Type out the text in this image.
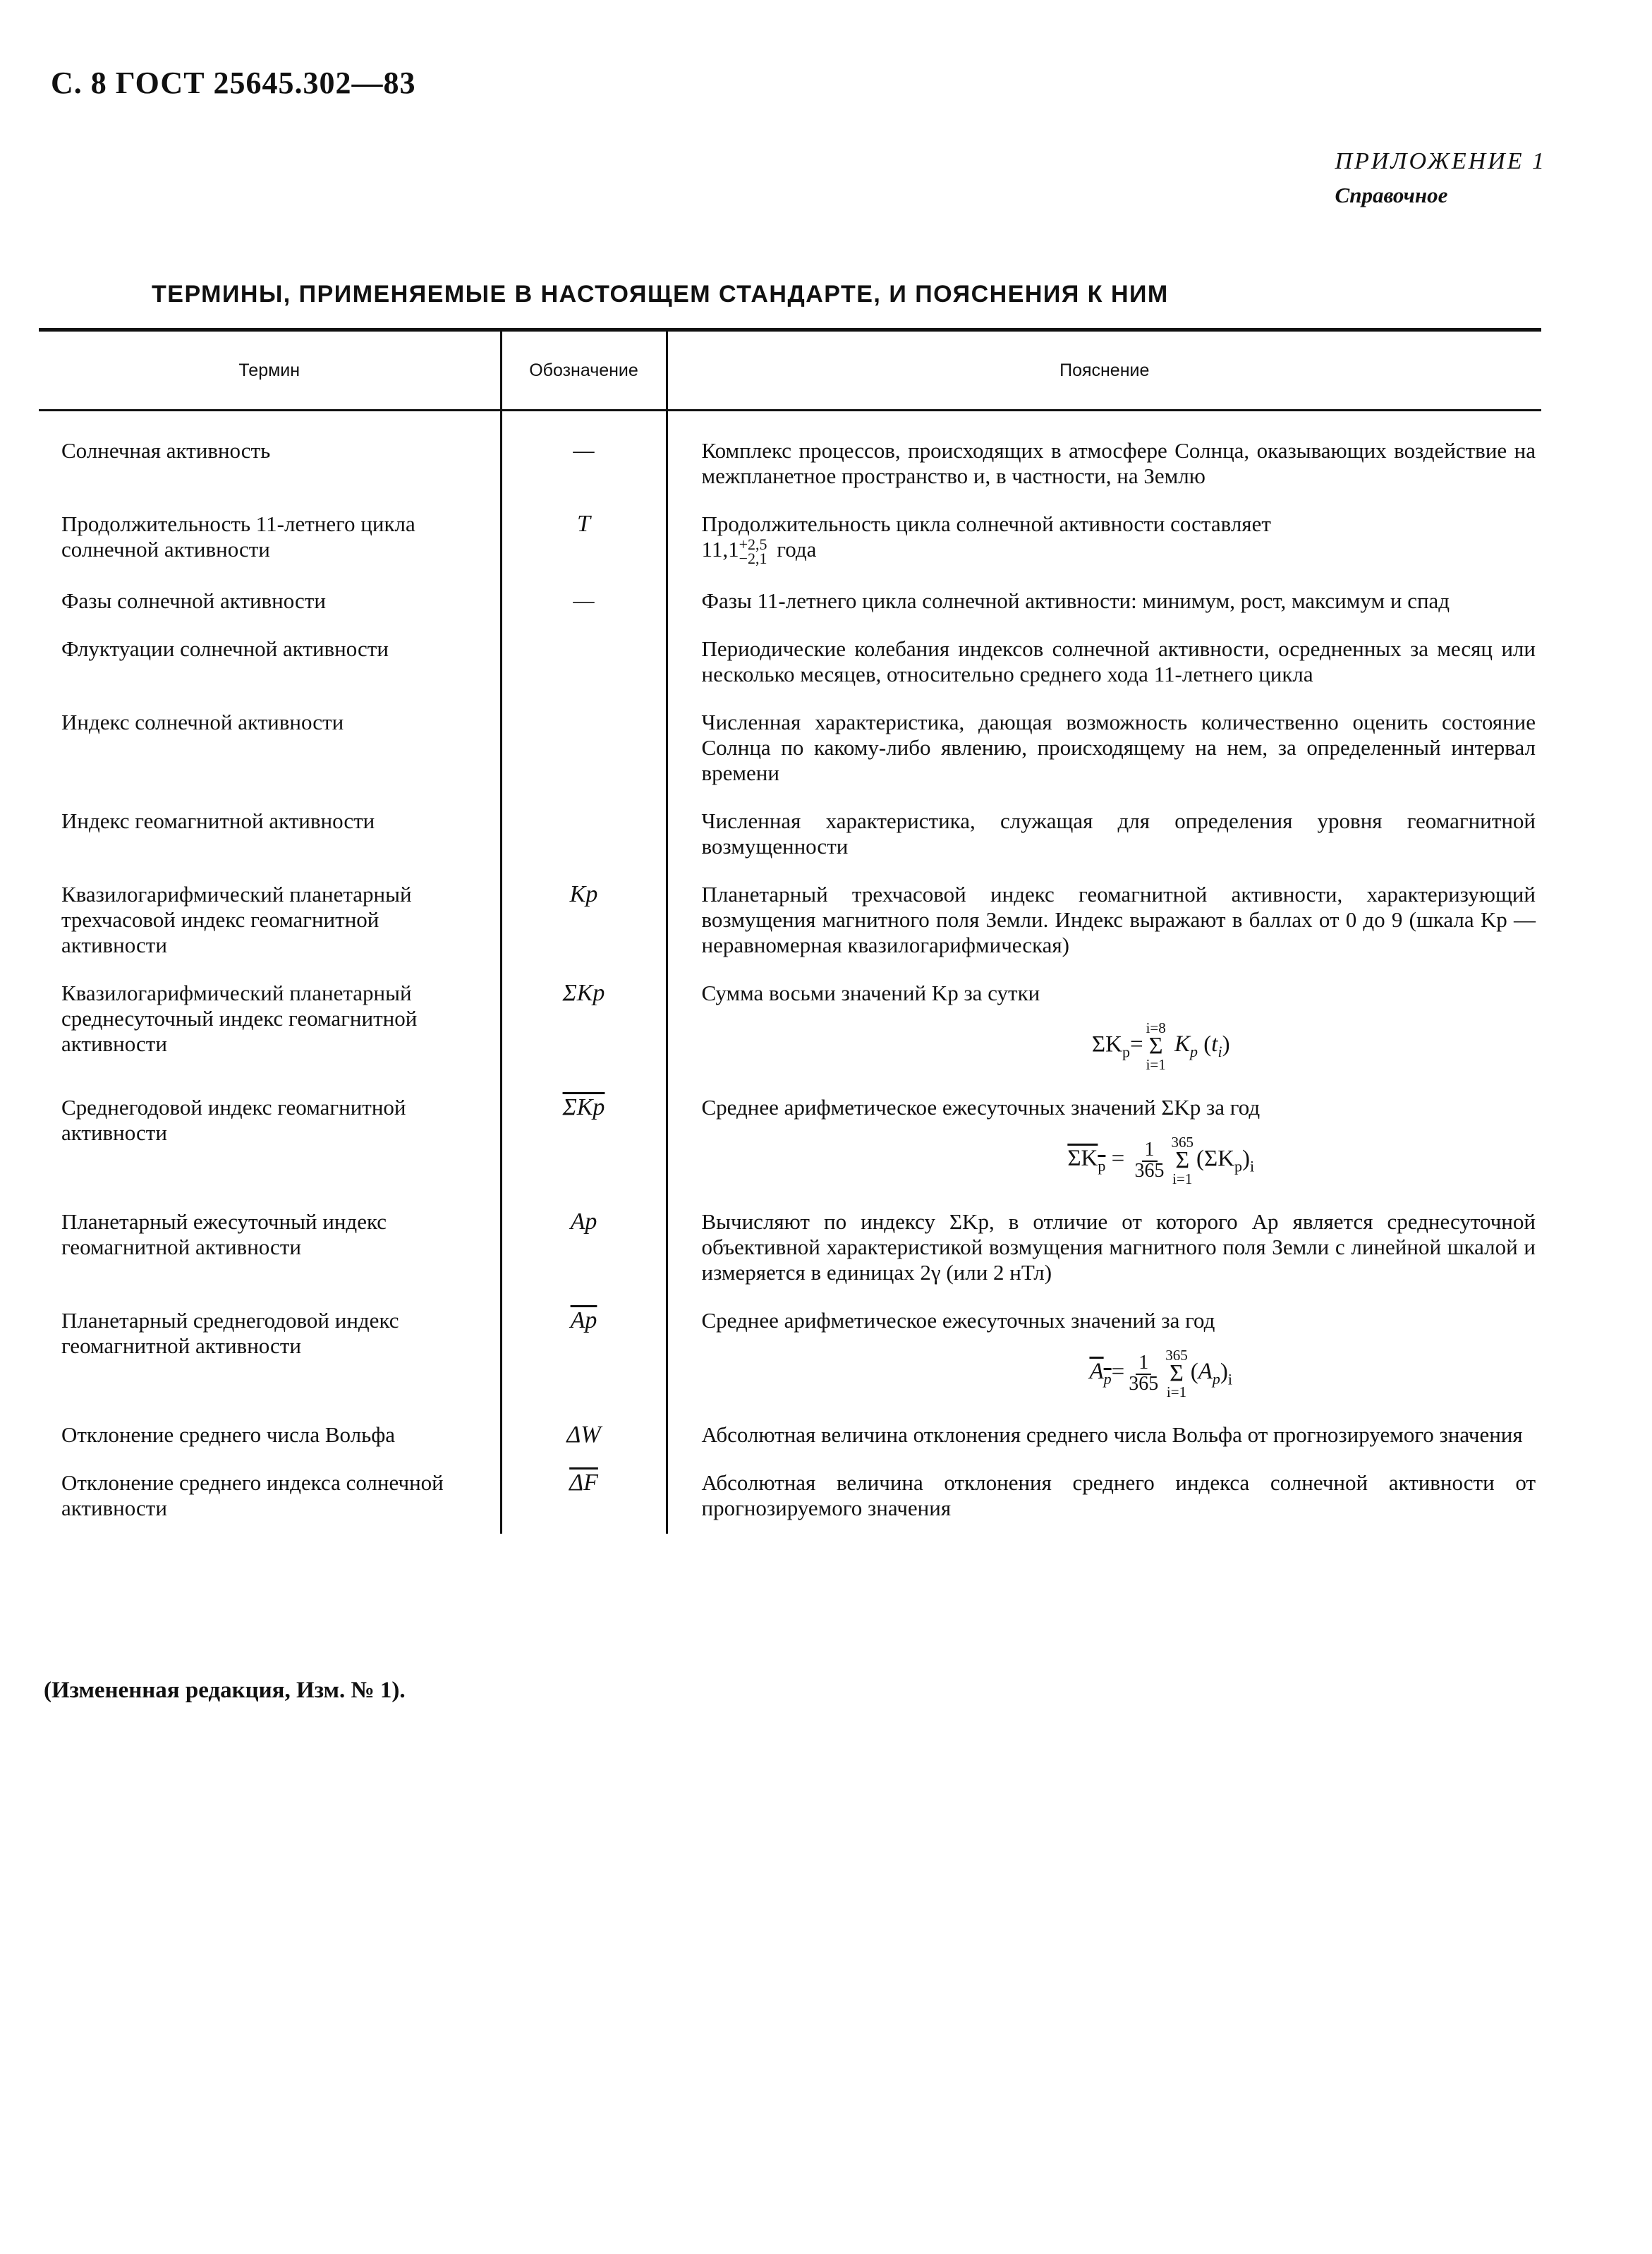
С. 8 ГОСТ 25645.302—83
ПРИЛОЖЕНИЕ 1
Справочное
ТЕРМИНЫ, ПРИМЕНЯЕМЫЕ В НАСТОЯЩЕМ СТАНДАРТЕ, И ПОЯСНЕНИЯ К НИМ
Термин	Обозначение	Пояснение
Солнечная активность	—	Комплекс процессов, происходящих в атмосфере Солнца, оказывающих воздействие на межпланетное пространство и, в частности, на Землю
Продолжительность 11-летнего цикла солнечной активности	T	Продолжительность цикла солнечной активности составляет
11,1+2,5
−2,1 года
Фазы солнечной активности	—	Фазы 11-летнего цикла солнечной активности: минимум, рост, максимум и спад
Флуктуации солнечной активности		Периодические колебания индексов солнечной активности, осредненных за месяц или несколько месяцев, относительно среднего хода 11-летнего цикла
Индекс солнечной активности		Численная характеристика, дающая возможность количественно оценить состояние Солнца по какому-либо явлению, происходящему на нем, за определенный интервал времени
Индекс геомагнитной активности		Численная характеристика, служащая для определения уровня геомагнитной возмущенности
Квазилогарифмический планетарный трехчасовой индекс геомагнитной активности	Kp	Планетарный трехчасовой индекс геомагнитной активности, характеризующий возмущения магнитного поля Земли. Индекс выражают в баллах от 0 до 9 (шкала Kp — неравномерная квазилогарифмическая)
Квазилогарифмический планетарный среднесуточный индекс геомагнитной активности	ΣKp	Сумма восьми значений Kp за сутки
$\Sigma K_p=i=8$
Σ
i=1 $K_p$ $(t_i)$

Среднегодовой индекс геомагнитной активности	$\overline{\Sigma Kp}$	Среднее арифметическое ежесуточных значений ΣKp за год
$\Sigma K_p = \frac{1}{365} 365$
Σ
$i=1(\Sigma K_p)_i$

Планетарный ежесуточный индекс геомагнитной активности	Ap	Вычисляют по индексу ΣKp, в отличие от которого Ap является среднесуточной объективной характеристикой возмущения магнитного поля Земли с линейной шкалой и измеряется в единицах 2γ (или 2 нТл)
Планетарный среднегодовой индекс геомагнитной активности	$\overline{Ap}$	Среднее арифметическое ежесуточных значений за год
$A_p= \frac{1}{365} 365$
Σ
$i=1(A_p)_i$

Отклонение среднего числа Вольфа	ΔW	Абсолютная величина отклонения среднего числа Вольфа от прогнозируемого значения
Отклонение среднего индекса солнечной активности	$\overline{\Delta F}$	Абсолютная величина отклонения среднего индекса солнечной активности от прогнозируемого значения
(Измененная редакция, Изм. № 1).
